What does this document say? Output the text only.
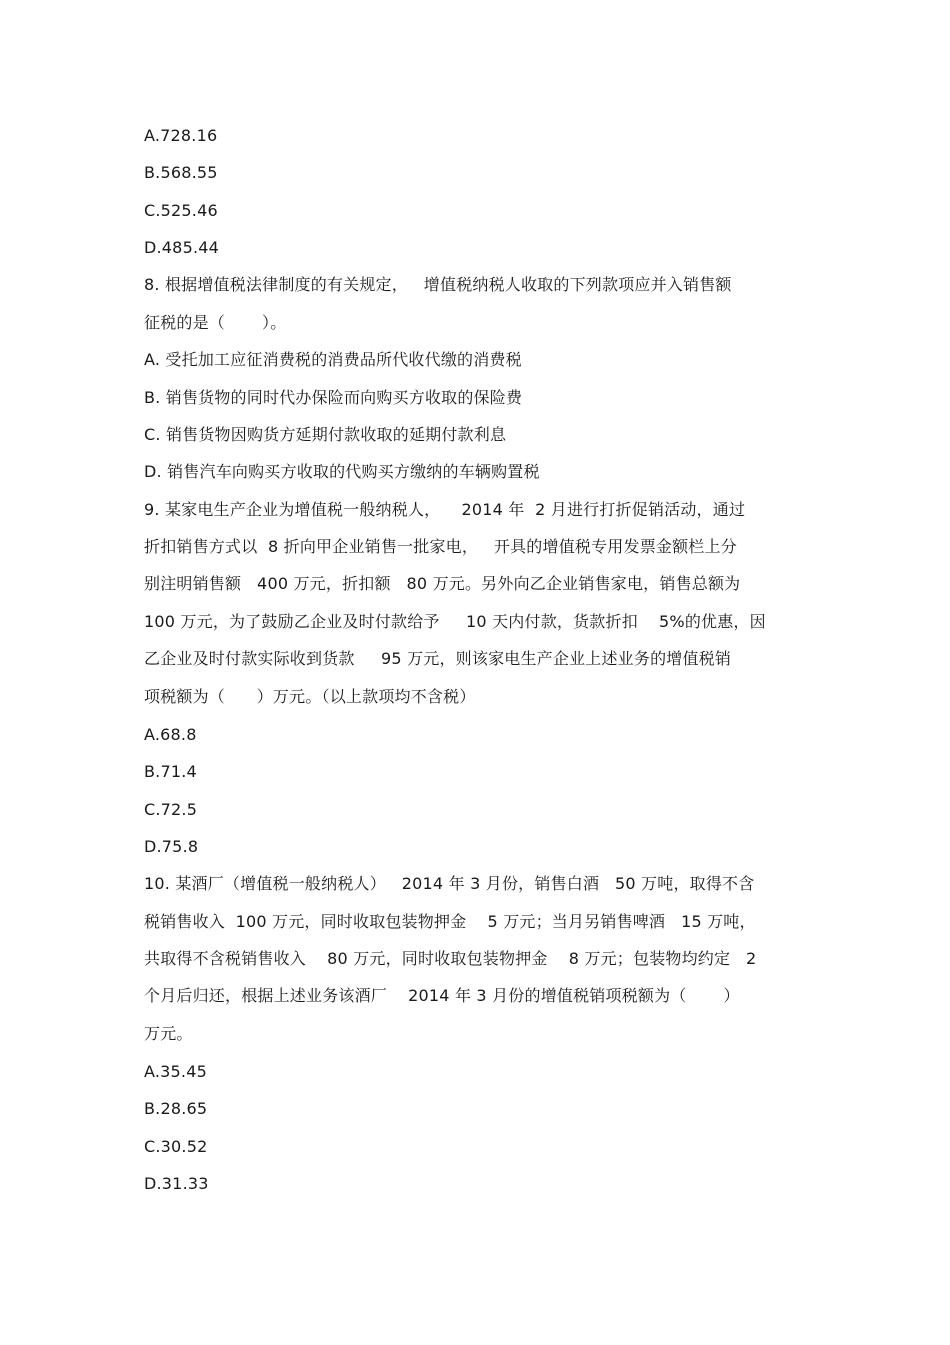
A.728.16
B.568.55
C.525.46
D.485.44
8. 根据增值税法律制度的有关规定，   增值税纳税人收取的下列款项应并入销售额
征税的是（       ）。
A. 受托加工应征消费税的消费品所代收代缴的消费税
B. 销售货物的同时代办保险而向购买方收取的保险费
C. 销售货物因购货方延期付款收取的延期付款利息
D. 销售汽车向购买方收取的代购买方缴纳的车辆购置税
9. 某家电生产企业为增值税一般纳税人，    2014 年  2 月进行打折促销活动，通过
折扣销售方式以  8 折向甲企业销售一批家电，   开具的增值税专用发票金额栏上分
别注明销售额   400 万元，折扣额   80 万元。另外向乙企业销售家电，销售总额为
100 万元，为了鼓励乙企业及时付款给予     10 天内付款，货款折扣    5%的优惠，因
乙企业及时付款实际收到货款     95 万元，则该家电生产企业上述业务的增值税销
项税额为（      ）万元。（以上款项均不含税）
A.68.8
B.71.4
C.72.5
D.75.8
10. 某酒厂（增值税一般纳税人）   2014 年 3 月份，销售白酒   50 万吨，取得不含
税销售收入  100 万元，同时收取包装物押金    5 万元；当月另销售啤酒   15 万吨，
共取得不含税销售收入    80 万元，同时收取包装物押金    8 万元；包装物均约定   2
个月后归还，根据上述业务该酒厂    2014 年 3 月份的增值税销项税额为（       ）
万元。
A.35.45
B.28.65
C.30.52
D.31.33
